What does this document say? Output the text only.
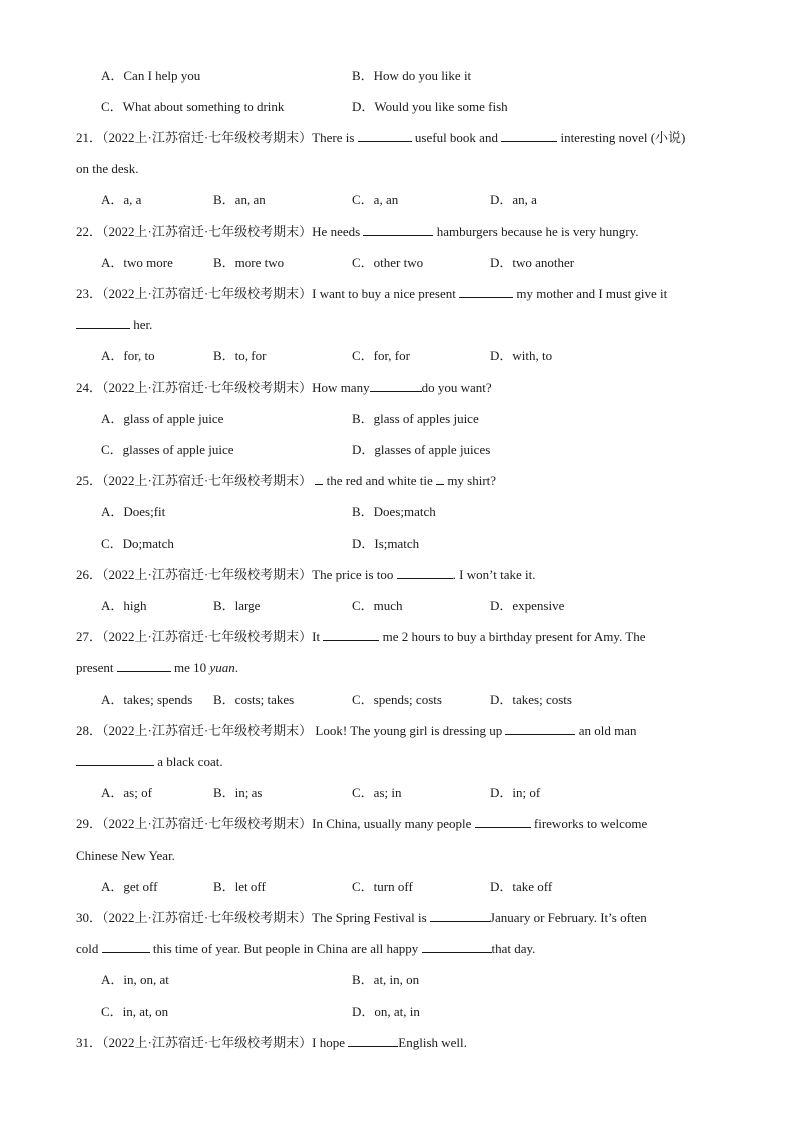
A．Can I help you	B．How do you like it
C．What about something to drink	D．Would you like some fish
21．（2022上·江苏宿迁·七年级校考期末）There is	useful book and	interesting novel (小说)
on the desk.
A．a, a	B．an, an	C．a, an	D．an, a
22．（2022上·江苏宿迁·七年级校考期末）He needs	hamburgers because he is very hungry.
A．two more	B．more two	C．other two	D．two another
23．（2022上·江苏宿迁·七年级校考期末）I want to buy a nice present	my mother and I must give it
her.
A．for, to	B．to, for	C．for, for	D．with, to
24．（2022上·江苏宿迁·七年级校考期末）How many	do you want?
A．glass of apple juice	B．glass of apples juice
C．glasses of apple juice	D．glasses of apple juices
25．（2022上·江苏宿迁·七年级校考期末）  the red and white tie  my shirt?
A．Does;fit	B．Does;match
C．Do;match	D．Is;match
26．（2022上·江苏宿迁·七年级校考期末）The price is too	. I won’t take it.
A．high	B．large	C．much	D．expensive
27．（2022上·江苏宿迁·七年级校考期末）It	me 2 hours to buy a birthday present for Amy. The
present	me 10 yuan.
A．takes; spends B．costs; takes	C．spends; costs	D．takes; costs
28．（2022上·江苏宿迁·七年级校考期末） Look! The young girl is dressing up	an old man
a black coat.
A．as; of	B．in; as	C．as; in	D．in; of
29．（2022上·江苏宿迁·七年级校考期末）In China, usually many people	fireworks to welcome
Chinese New Year.
A．get off	B．let off	C．turn off	D．take off
30．（2022上·江苏宿迁·七年级校考期末）The Spring Festival is	January or February. It’s often
cold	this time of year. But people in China are all happy	that day.
A．in, on, at	B．at, in, on
C．in, at, on	D．on, at, in
31．（2022上·江苏宿迁·七年级校考期末）I hope	English well.
